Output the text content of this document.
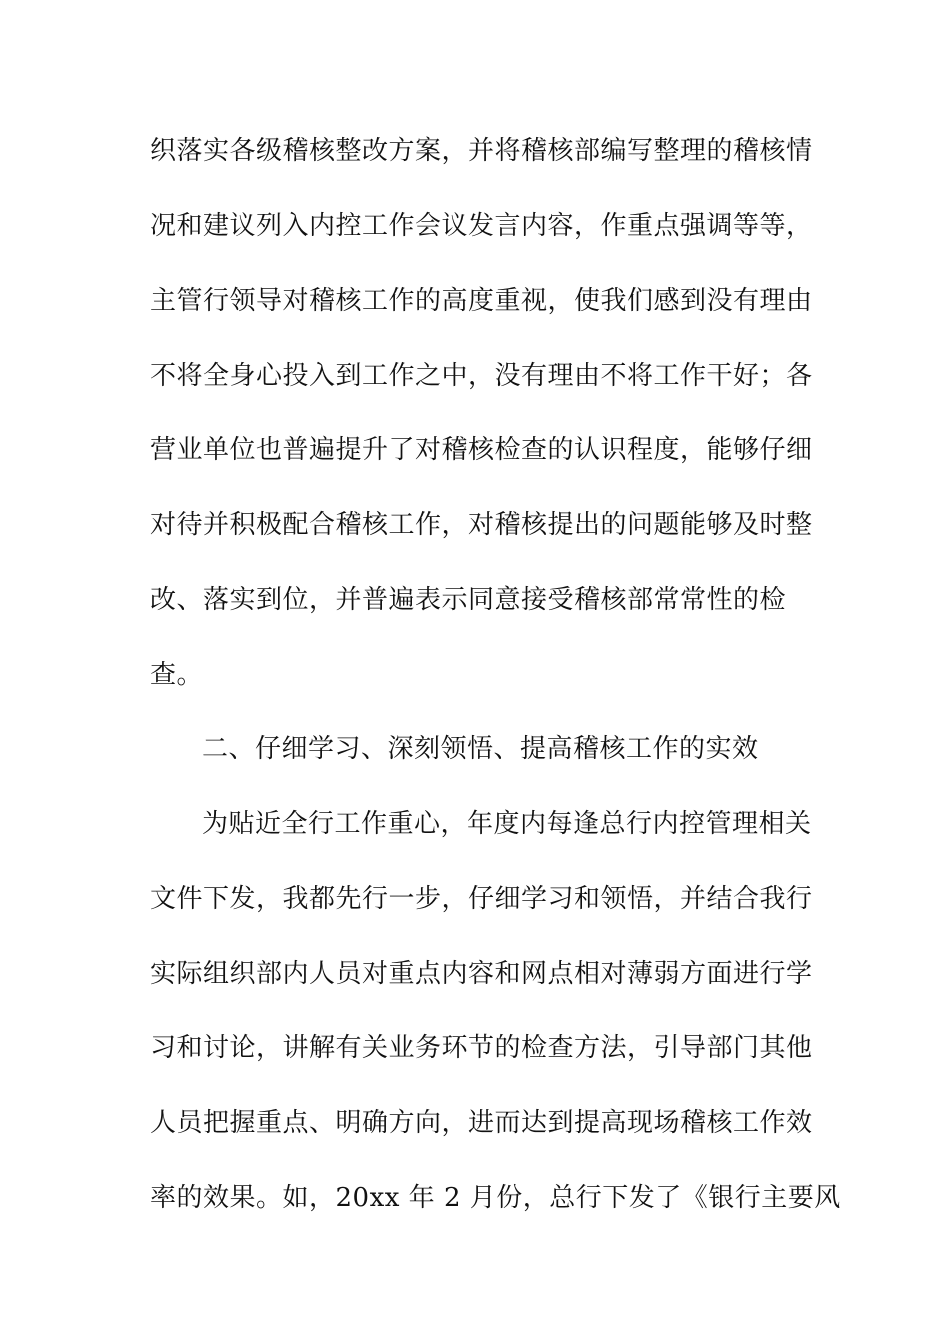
织落实各级稽核整改方案，并将稽核部编写整理的稽核情
况和建议列入内控工作会议发言内容，作重点强调等等，
主管行领导对稽核工作的高度重视，使我们感到没有理由
不将全身心投入到工作之中，没有理由不将工作干好；各
营业单位也普遍提升了对稽核检查的认识程度，能够仔细
对待并积极配合稽核工作，对稽核提出的问题能够及时整
改、落实到位，并普遍表示同意接受稽核部常常性的检
查。
二、仔细学习、深刻领悟、提高稽核工作的实效
为贴近全行工作重心，年度内每逢总行内控管理相关
文件下发，我都先行一步，仔细学习和领悟，并结合我行
实际组织部内人员对重点内容和网点相对薄弱方面进行学
习和讨论，讲解有关业务环节的检查方法，引导部门其他
人员把握重点、明确方向，进而达到提高现场稽核工作效
率的效果。如，20xx 年 2 月份，总行下发了《银行主要风
